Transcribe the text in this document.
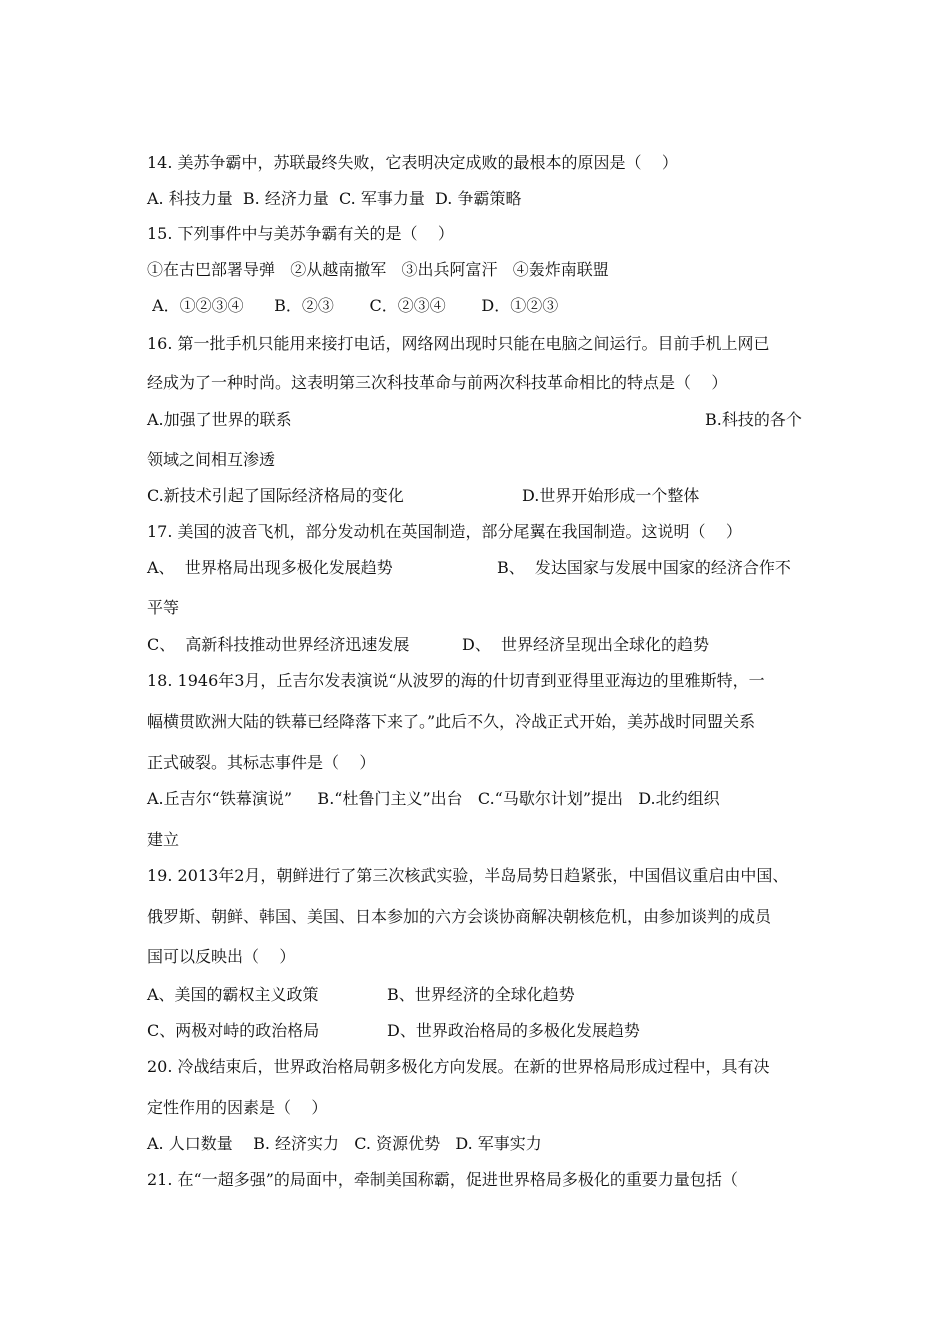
14. 美苏争霸中，苏联最终失败，它表明决定成败的最根本的原因是（    ）
A. 科技力量  B. 经济力量  C. 军事力量  D. 争霸策略
15. 下列事件中与美苏争霸有关的是（    ）
①在古巴部署导弹   ②从越南撤军   ③出兵阿富汗   ④轰炸南联盟
A．①②③④      B．②③       C．②③④       D．①②③
16. 第一批手机只能用来接打电话，网络网出现时只能在电脑之间运行。目前手机上网已
经成为了一种时尚。这表明第三次科技革命与前两次科技革命相比的特点是（    ）
A.加强了世界的联系	B.科技的各个
领域之间相互渗透
C.新技术引起了国际经济格局的变化	D.世界开始形成一个整体
17. 美国的波音飞机，部分发动机在英国制造，部分尾翼在我国制造。这说明（    ）
A、  世界格局出现多极化发展趋势	B、  发达国家与发展中国家的经济合作不
平等
C、  高新科技推动世界经济迅速发展	D、  世界经济呈现出全球化的趋势
18. 1946年3月，丘吉尔发表演说“从波罗的海的什切青到亚得里亚海边的里雅斯特，一
幅横贯欧洲大陆的铁幕已经降落下来了。”此后不久，冷战正式开始，美苏战时同盟关系
正式破裂。其标志事件是（    ）
A.丘吉尔“铁幕演说”     B.“杜鲁门主义”出台   C.“马歇尔计划”提出   D.北约组织
建立
19. 2013年2月，朝鲜进行了第三次核武实验，半岛局势日趋紧张，中国倡议重启由中国、
俄罗斯、朝鲜、韩国、美国、日本参加的六方会谈协商解决朝核危机，由参加谈判的成员
国可以反映出（    ）
A、美国的霸权主义政策	B、世界经济的全球化趋势
C、两极对峙的政治格局	D、世界政治格局的多极化发展趋势
20. 冷战结束后，世界政治格局朝多极化方向发展。在新的世界格局形成过程中，具有决
定性作用的因素是（    ）
A. 人口数量    B. 经济实力   C. 资源优势   D. 军事实力
21. 在“一超多强”的局面中，牵制美国称霸，促进世界格局多极化的重要力量包括（
